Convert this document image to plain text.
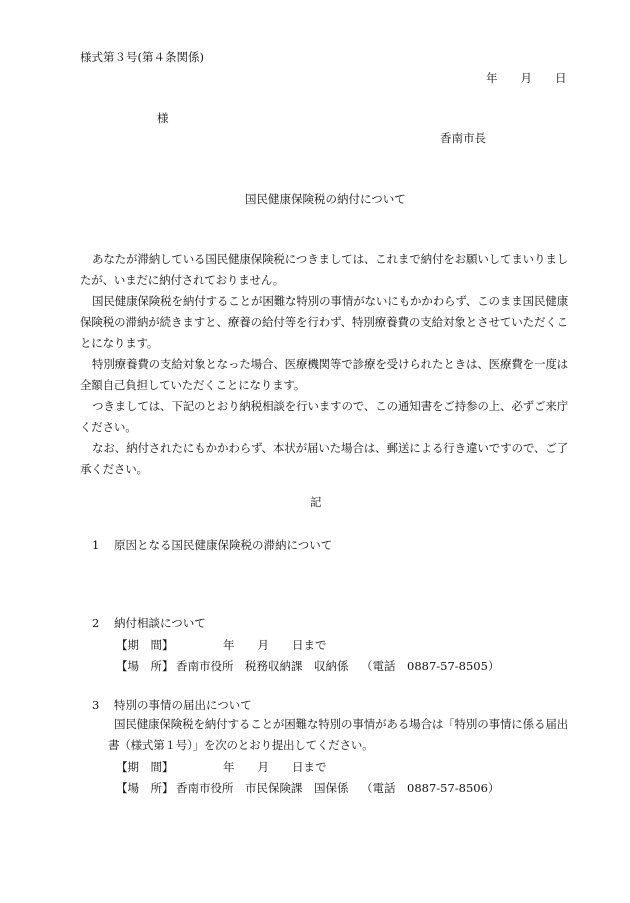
様式第３号(第４条関係)
年　　月　　日
様
香南市長
国民健康保険税の納付について

あなたが滞納している国民健康保険税につきましては、これまで納付をお願いしてまいりましたが、いまだに納付されておりません。

国民健康保険税を納付することが困難な特別の事情がないにもかかわらず、このまま国民健康保険税の滞納が続きますと、療養の給付等を行わず、特別療養費の支給対象とさせていただくことになります。

特別療養費の支給対象となった場合、医療機関等で診療を受けられたときは、医療費を一度は全額自己負担していただくことになります。

つきましては、下記のとおり納税相談を行いますので、この通知書をご持参の上、必ずご来庁ください。

なお、納付されたにもかかわらず、本状が届いた場合は、郵送による行き違いですので、ご了承ください。

記
1 原因となる国民健康保険税の滞納について
2 納付相談について
【期　間】	年　　月　　日まで
【場　所】 香南市役所　税務収納課　収納係 （電話　0887-57-8505）
3 特別の事情の届出について

国民健康保険税を納付することが困難な特別の事情がある場合は「特別の事情に係る届出書（様式第１号）」を次のとおり提出してください。

【期　間】	年　　月　　日まで
【場　所】 香南市役所　市民保険課　国保係 （電話　0887-57-8506）
